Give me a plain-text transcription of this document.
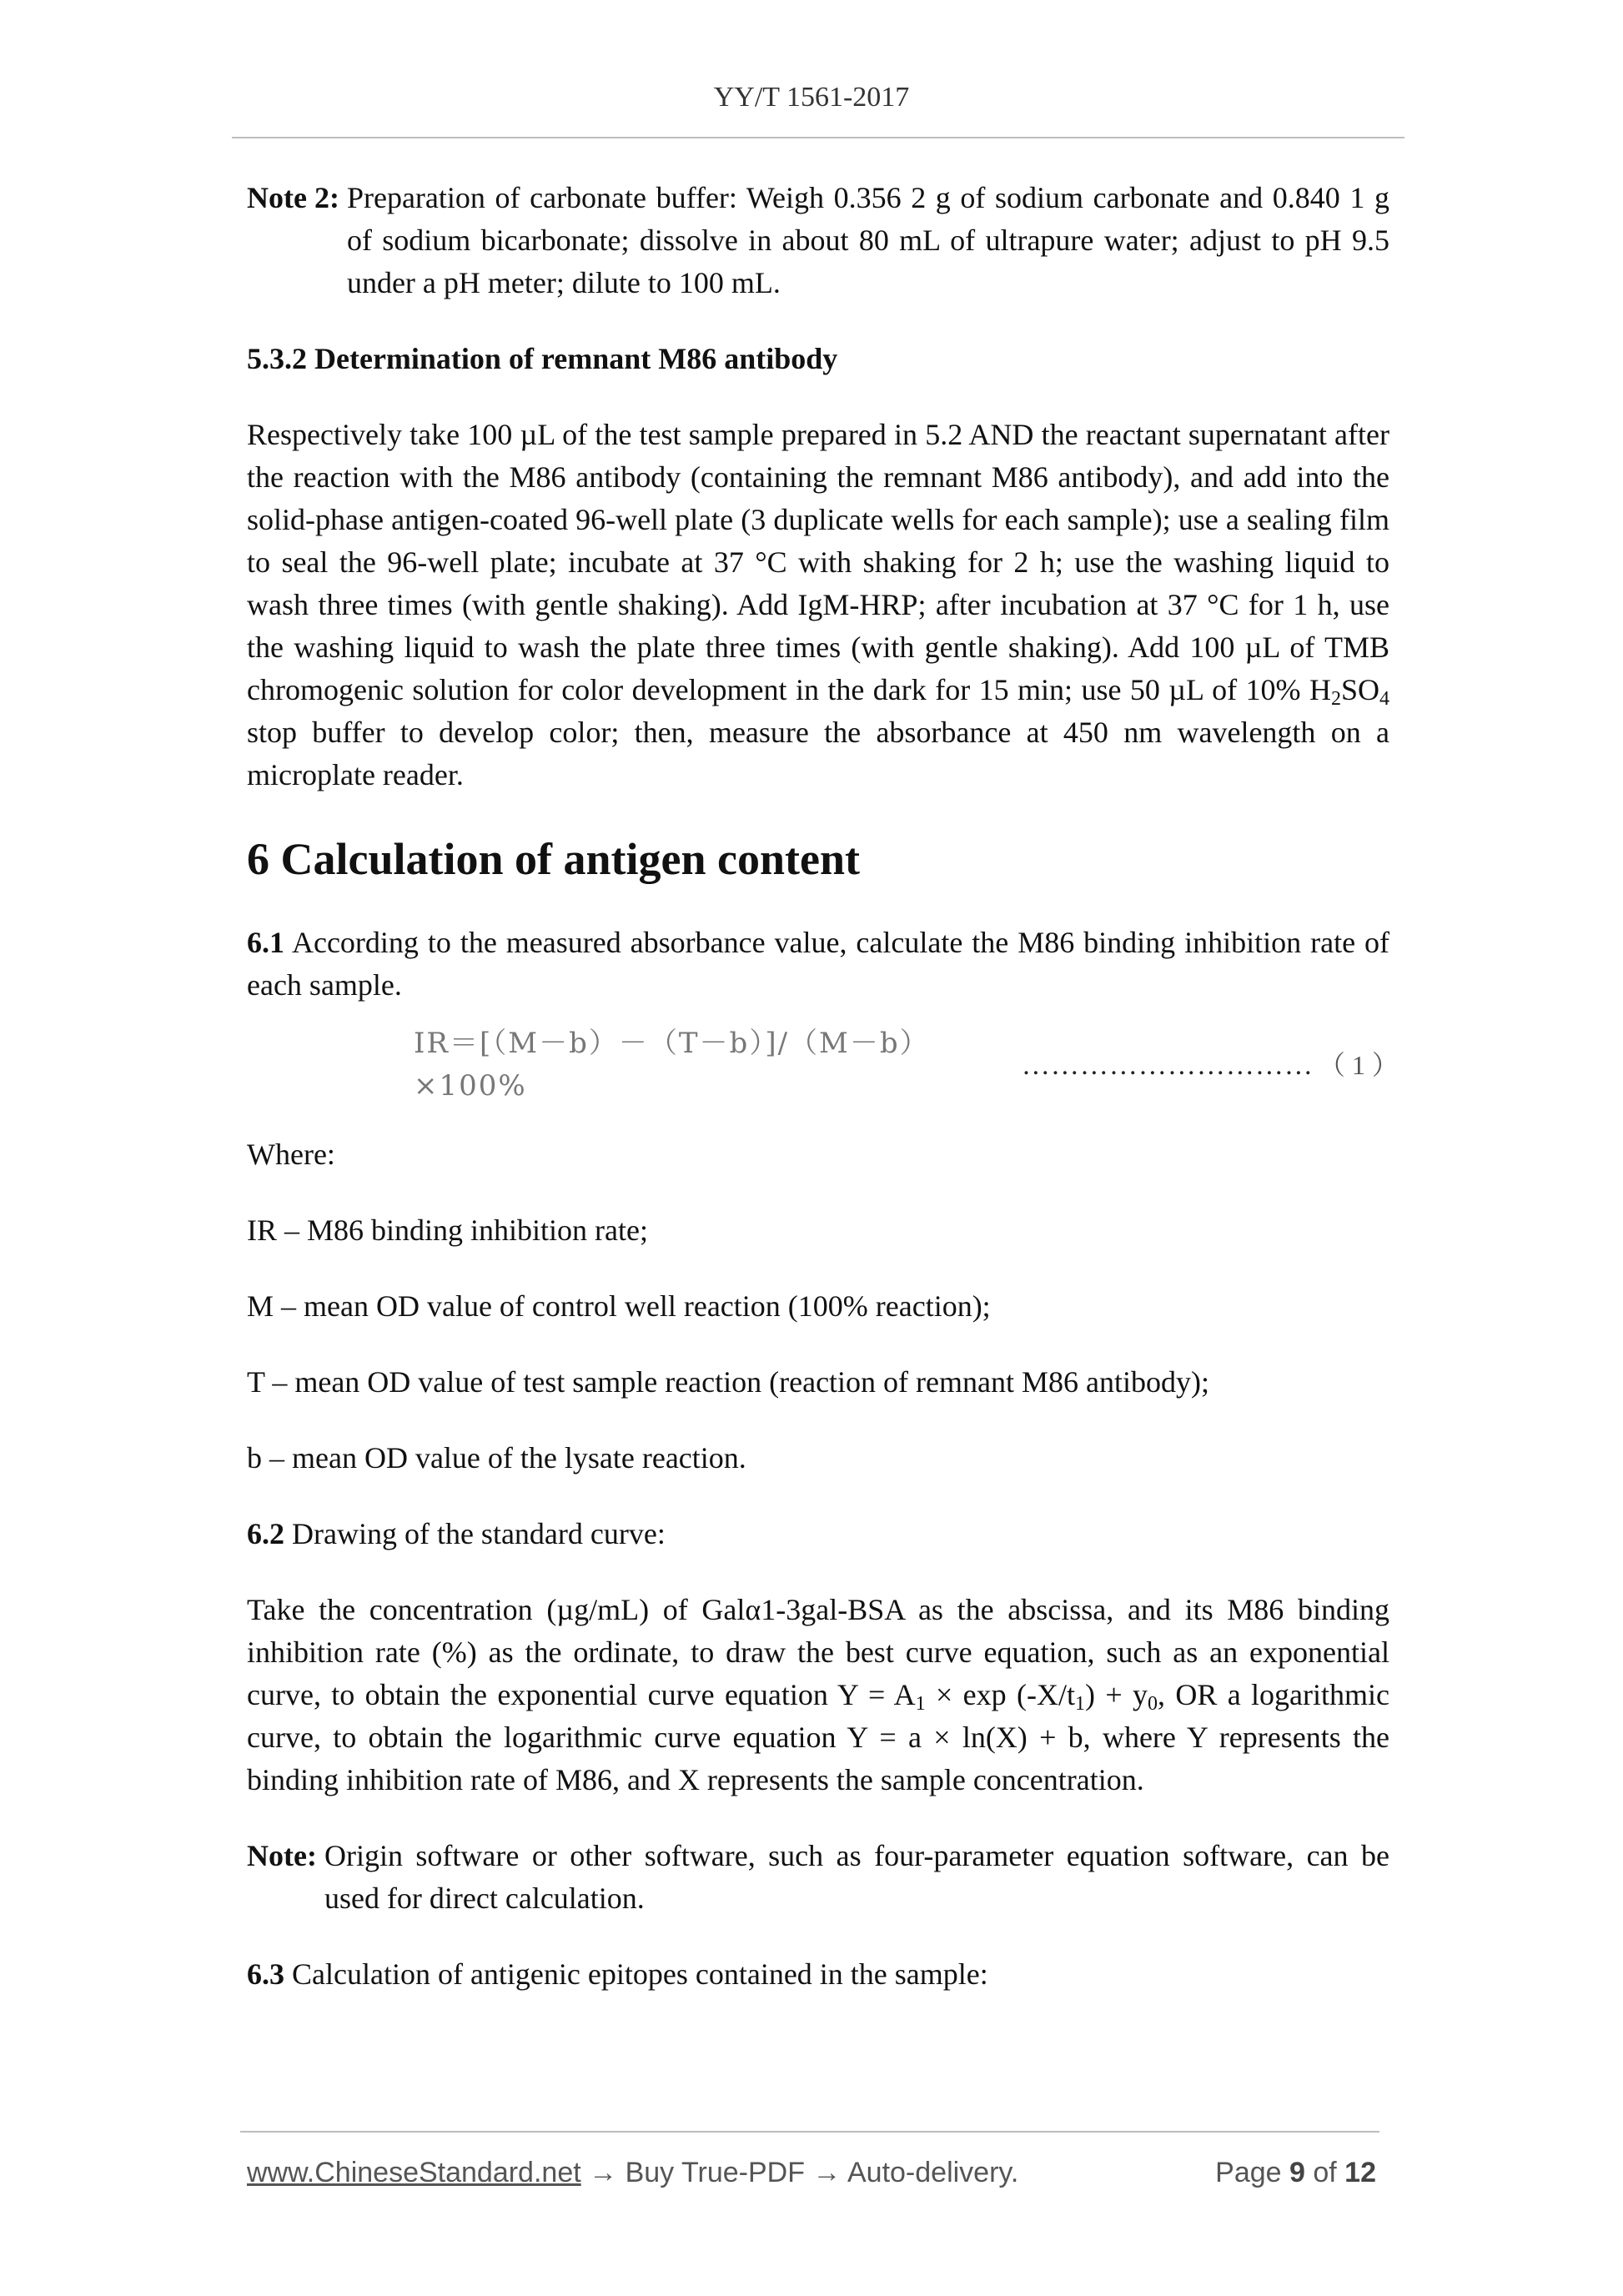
YY/T 1561-2017
Note 2:
Preparation of carbonate buffer: Weigh 0.356 2 g of sodium carbonate and 0.840 1 g of sodium bicarbonate; dissolve in about 80 mL of ultrapure water; adjust to pH 9.5 under a pH meter; dilute to 100 mL.
5.3.2 Determination of remnant M86 antibody

Respectively take 100 µL of the test sample prepared in 5.2 AND the reactant supernatant after the reaction with the M86 antibody (containing the remnant M86 antibody), and add into the solid-phase antigen-coated 96-well plate (3 duplicate wells for each sample); use a sealing film to seal the 96-well plate; incubate at 37 °C with shaking for 2 h; use the washing liquid to wash three times (with gentle shaking). Add IgM-HRP; after incubation at 37 °C for 1 h, use the washing liquid to wash the plate three times (with gentle shaking). Add 100 µL of TMB chromogenic solution for color development in the dark for 15 min; use 50 µL of 10% $H_2SO_4$ stop buffer to develop color; then, measure the absorbance at 450 nm wavelength on a microplate reader.

6 Calculation of antigen content

6.1 According to the measured absorbance value, calculate the M86 binding inhibition rate of each sample.

IR＝[（M－b）－（T－b）]/（M－b）×100%
………………………… （ 1 ）

Where:

IR – M86 binding inhibition rate;

M – mean OD value of control well reaction (100% reaction);

T – mean OD value of test sample reaction (reaction of remnant M86 antibody);

b – mean OD value of the lysate reaction.

6.2 Drawing of the standard curve:

Take the concentration (µg/mL) of Galα1-3gal-BSA as the abscissa, and its M86 binding inhibition rate (%) as the ordinate, to draw the best curve equation, such as an exponential curve, to obtain the exponential curve equation $Y = A_1 \times \exp (-X/t_1) + y_0$, OR a logarithmic curve, to obtain the logarithmic curve equation Y = a × ln(X) + b, where Y represents the binding inhibition rate of M86, and X represents the sample concentration.

Note: Origin software or other software, such as four-parameter equation software, can be used for direct calculation.

6.3 Calculation of antigenic epitopes contained in the sample:

www.ChineseStandard.net → Buy True-PDF → Auto-delivery.	Page 9 of 12
